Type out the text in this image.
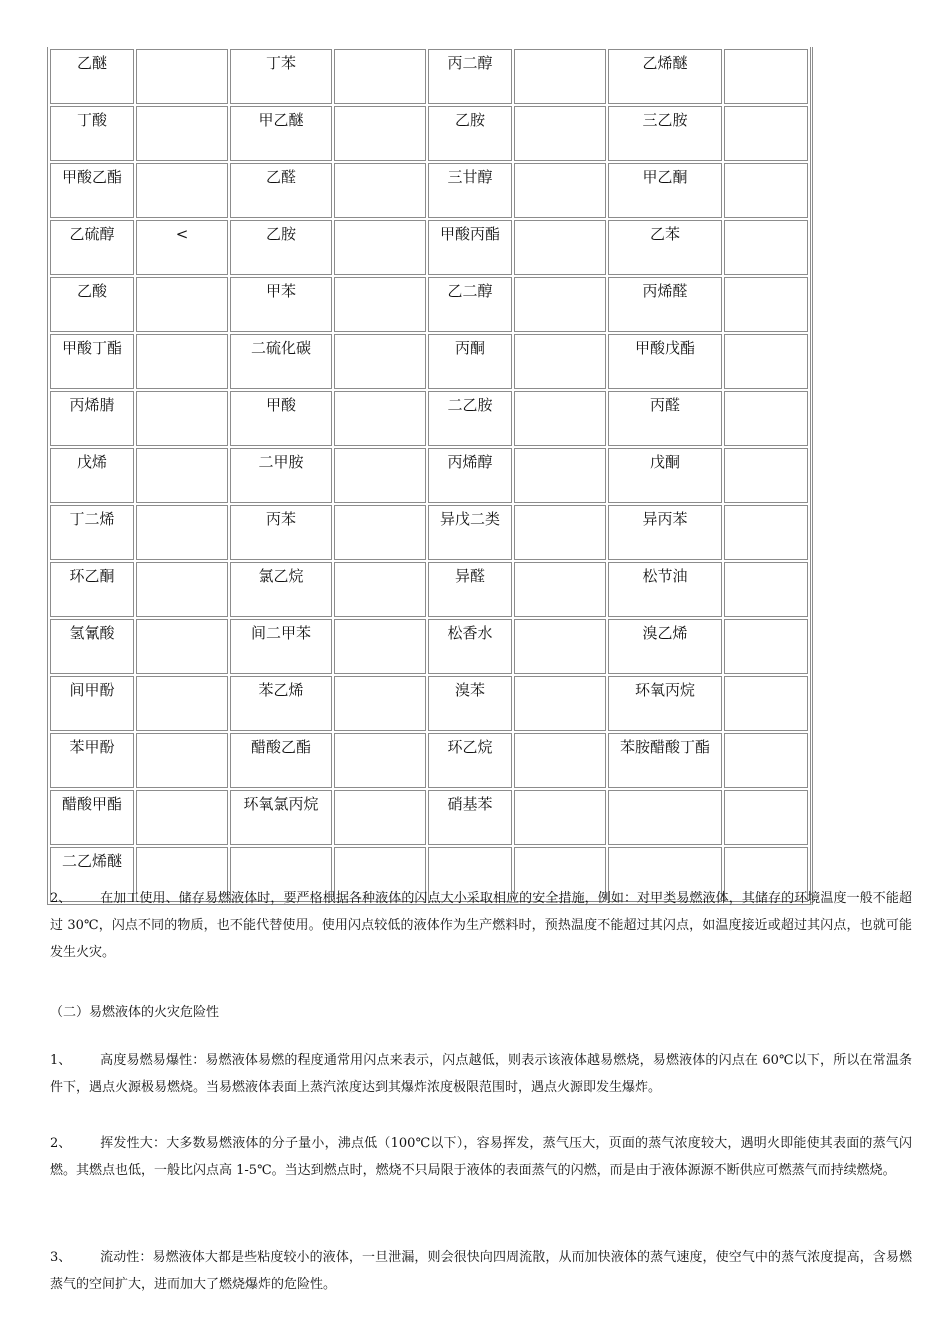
乙醚		丁苯		丙二醇		乙烯醚	
丁酸		甲乙醚		乙胺		三乙胺	
甲酸乙酯		乙醛		三甘醇		甲乙酮	
乙硫醇	<	乙胺		甲酸丙酯		乙苯	
乙酸		甲苯		乙二醇		丙烯醛	
甲酸丁酯		二硫化碳		丙酮		甲酸戊酯	
丙烯腈		甲酸		二乙胺		丙醛	
戊烯		二甲胺		丙烯醇		戊酮	
丁二烯		丙苯		异戊二类		异丙苯	
环乙酮		氯乙烷		异醛		松节油	
氢氰酸		间二甲苯		松香水		溴乙烯	
间甲酚		苯乙烯		溴苯		环氧丙烷	
苯甲酚		醋酸乙酯		环乙烷		苯胺醋酸丁酯	
醋酸甲酯		环氧氯丙烷		硝基苯			
二乙烯醚							
2、 在加工使用、储存易燃液体时，要严格根据各种液体的闪点大小采取相应的安全措施，例如：对甲类易燃液体，其储存的环境温度一般不能超过 30℃，闪点不同的物质，也不能代替使用。使用闪点较低的液体作为生产燃料时，预热温度不能超过其闪点，如温度接近或超过其闪点，也就可能发生火灾。
（二）易燃液体的火灾危险性
1、 高度易燃易爆性：易燃液体易燃的程度通常用闪点来表示，闪点越低，则表示该液体越易燃烧，易燃液体的闪点在 60℃以下，所以在常温条件下，遇点火源极易燃烧。当易燃液体表面上蒸汽浓度达到其爆炸浓度极限范围时，遇点火源即发生爆炸。
2、 挥发性大：大多数易燃液体的分子量小，沸点低（100℃以下），容易挥发，蒸气压大，页面的蒸气浓度较大，遇明火即能使其表面的蒸气闪燃。其燃点也低，一般比闪点高 1-5℃。当达到燃点时，燃烧不只局限于液体的表面蒸气的闪燃，而是由于液体源源不断供应可燃蒸气而持续燃烧。
3、 流动性：易燃液体大都是些粘度较小的液体，一旦泄漏，则会很快向四周流散，从而加快液体的蒸气速度，使空气中的蒸气浓度提高，含易燃蒸气的空间扩大，进而加大了燃烧爆炸的危险性。
